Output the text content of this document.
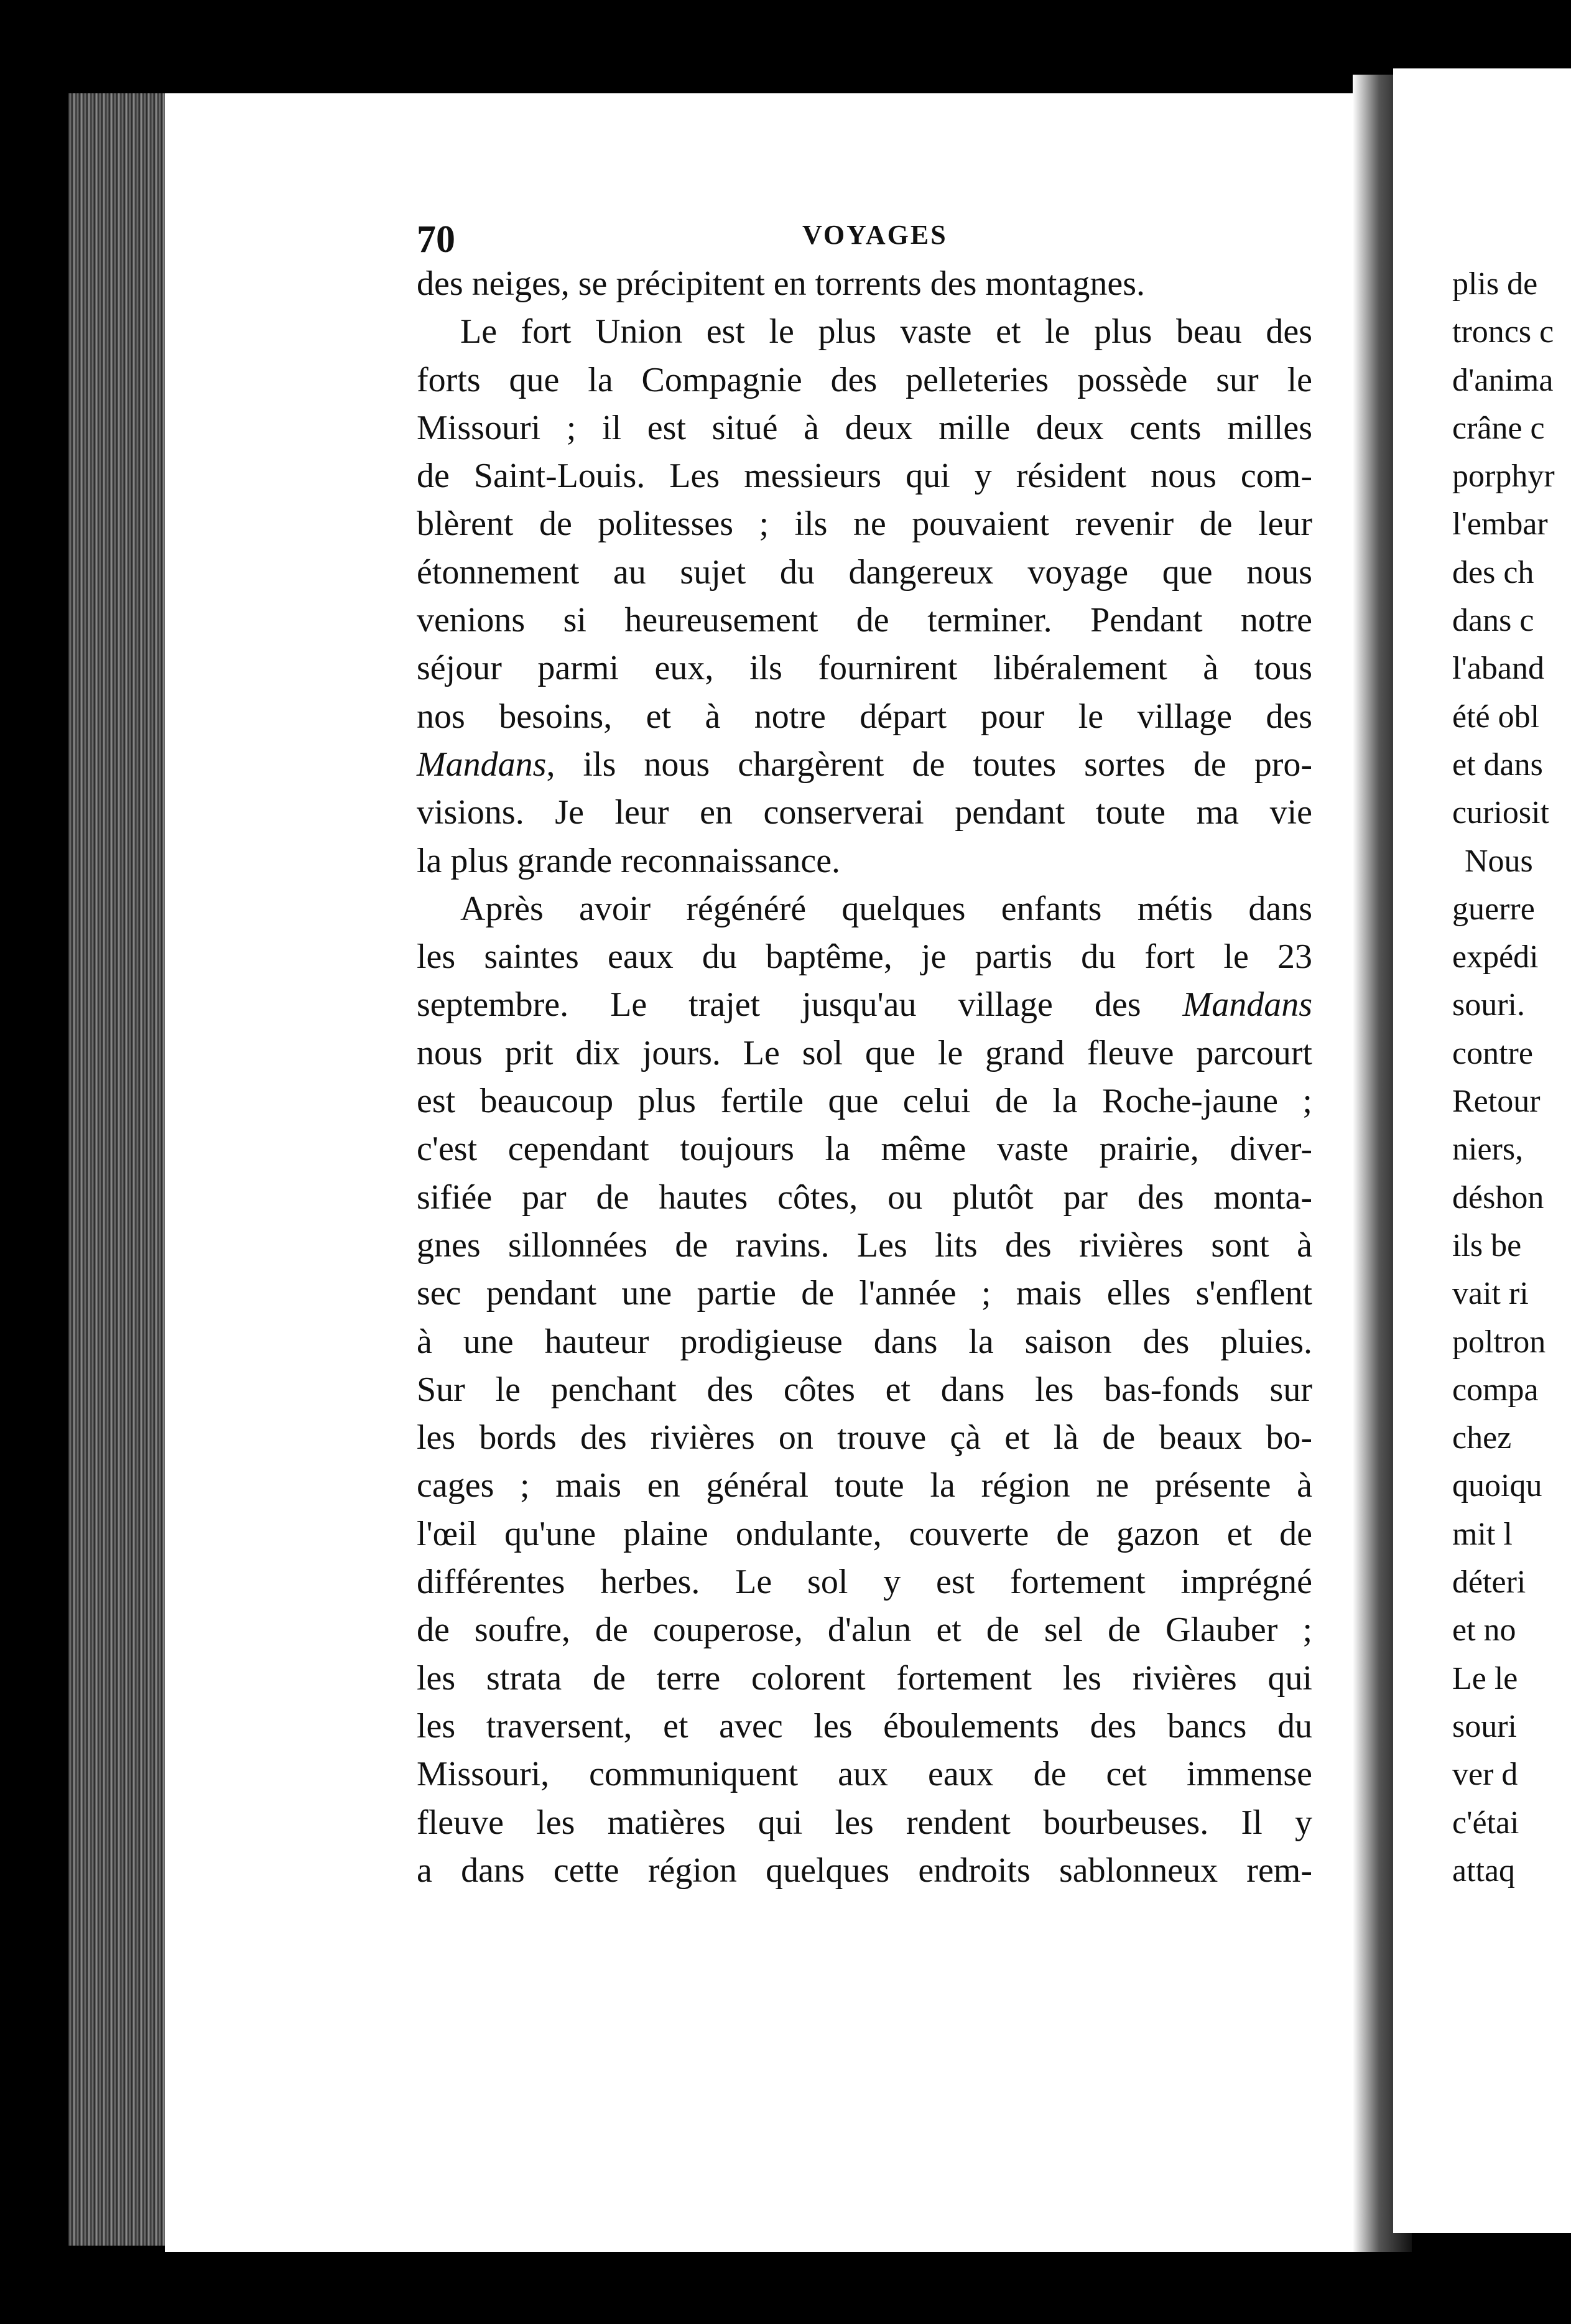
70	VOYAGES
des neiges, se précipitent en torrents des montagnes.
Le fort Union est le plus vaste et le plus beau des
forts que la Compagnie des pelleteries possède sur le
Missouri ; il est situé à deux mille deux cents milles
de Saint-Louis. Les messieurs qui y résident nous com-
blèrent de politesses ; ils ne pouvaient revenir de leur
étonnement au sujet du dangereux voyage que nous
venions si heureusement de terminer. Pendant notre
séjour parmi eux, ils fournirent libéralement à tous
nos besoins, et à notre départ pour le village des
Mandans, ils nous chargèrent de toutes sortes de pro-
visions. Je leur en conserverai pendant toute ma vie
la plus grande reconnaissance.
Après avoir régénéré quelques enfants métis dans
les saintes eaux du baptême, je partis du fort le 23
septembre. Le trajet jusqu'au village des Mandans
nous prit dix jours. Le sol que le grand fleuve parcourt
est beaucoup plus fertile que celui de la Roche-jaune ;
c'est cependant toujours la même vaste prairie, diver-
sifiée par de hautes côtes, ou plutôt par des monta-
gnes sillonnées de ravins. Les lits des rivières sont à
sec pendant une partie de l'année ; mais elles s'enflent
à une hauteur prodigieuse dans la saison des pluies.
Sur le penchant des côtes et dans les bas-fonds sur
les bords des rivières on trouve çà et là de beaux bo-
cages ; mais en général toute la région ne présente à
l'œil qu'une plaine ondulante, couverte de gazon et de
différentes herbes. Le sol y est fortement imprégné
de soufre, de couperose, d'alun et de sel de Glauber ;
les strata de terre colorent fortement les rivières qui
les traversent, et avec les éboulements des bancs du
Missouri, communiquent aux eaux de cet immense
fleuve les matières qui les rendent bourbeuses. Il y
a dans cette région quelques endroits sablonneux rem-
plis de
troncs c
d'anima
crâne c
porphyr
l'embar
des ch
dans c
l'aband
été obl
et dans
curiosit
Nous
guerre
expédi
souri.
contre
Retour
niers,
déshon
ils be
vait ri
poltron
compa
chez
quoiqu
mit l
déteri
et no
Le le
souri
ver d
c'étai
attaq
